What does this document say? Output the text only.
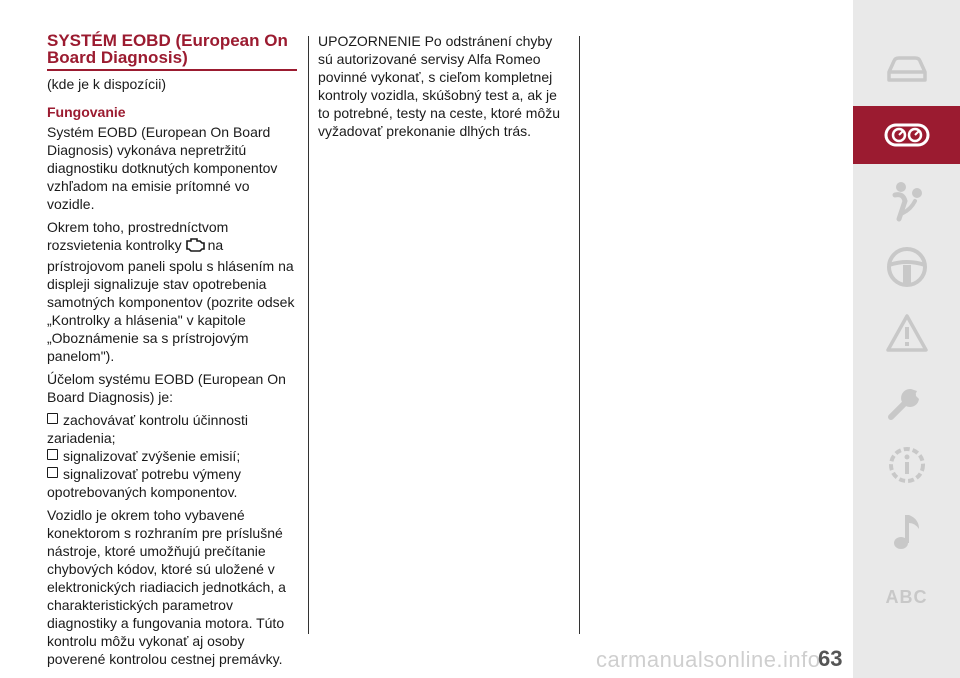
SYSTÉM EOBD (European On
Board Diagnosis)
(kde je k dispozícii)
Fungovanie

Systém EOBD (European On Board Diagnosis) vykonáva nepretržitú diagnostiku dotknutých komponentov vzhľadom na emisie prítomné vo vozidle.

Okrem toho, prostredníctvom rozsvietenia kontrolky na prístrojovom paneli spolu s hlásením na displeji signalizuje stav opotrebenia samotných komponentov (pozrite odsek „Kontrolky a hlásenia" v kapitole „Oboznámenie sa s prístrojovým panelom").

Účelom systému EOBD (European On Board Diagnosis) je:

zachovávať kontrolu účinnosti zariadenia;
signalizovať zvýšenie emisií;
signalizovať potrebu výmeny opotrebovaných komponentov.

Vozidlo je okrem toho vybavené konektorom s rozhraním pre príslušné nástroje, ktoré umožňujú prečítanie chybových kódov, ktoré sú uložené v elektronických riadiacich jednotkách, a charakteristických parametrov diagnostiky a fungovania motora. Túto kontrolu môžu vykonať aj osoby poverené kontrolou cestnej premávky.

UPOZORNENIE Po odstránení chyby sú autorizované servisy Alfa Romeo povinné vykonať, s cieľom kompletnej kontroly vozidla, skúšobný test a, ak je to potrebné, testy na ceste, ktoré môžu vyžadovať prekonanie dlhých trás.

ABC
carmanualsonline.info
63
